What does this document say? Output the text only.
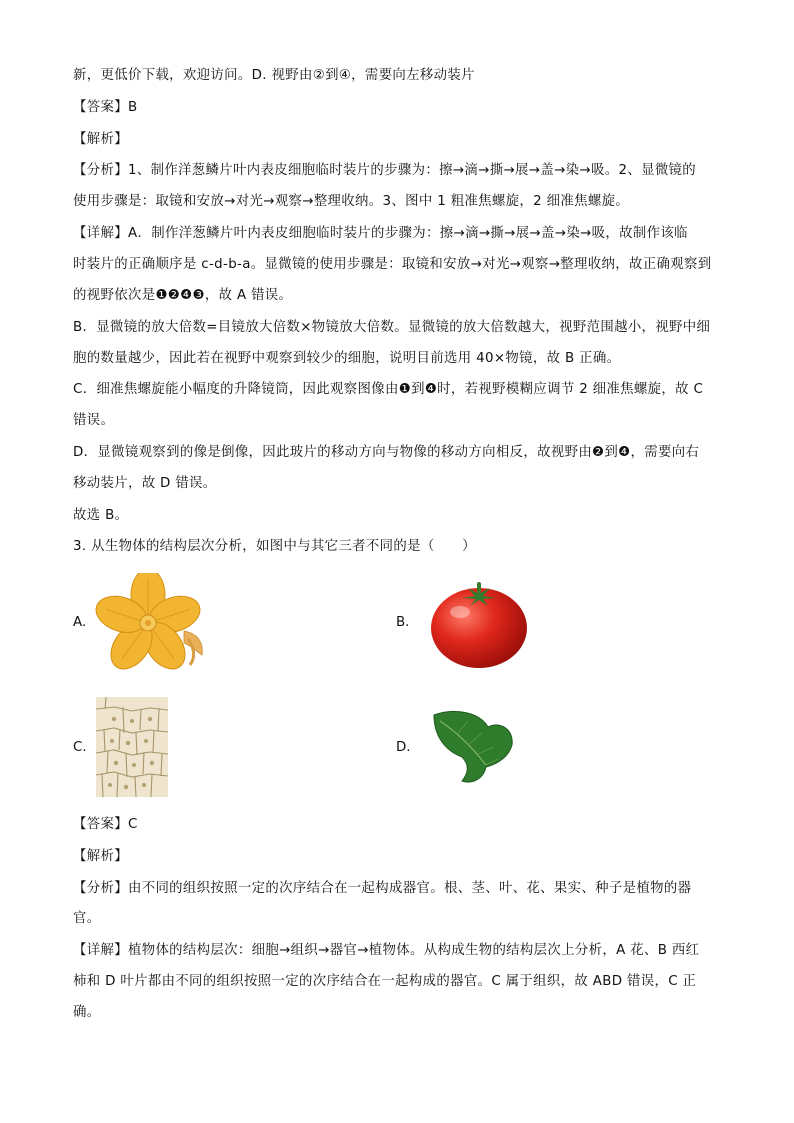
新，更低价下载，欢迎访问。D. 视野由②到④，需要向左移动装片
【答案】B
【解析】
【分析】1、制作洋葱鳞片叶内表皮细胞临时装片的步骤为：擦→滴→撕→展→盖→染→吸。2、显微镜的
使用步骤是：取镜和安放→对光→观察→整理收纳。3、图中 1 粗准焦螺旋，2 细准焦螺旋。
【详解】A．制作洋葱鳞片叶内表皮细胞临时装片的步骤为：擦→滴→撕→展→盖→染→吸，故制作该临
时装片的正确顺序是 c-d-b-a。显微镜的使用步骤是：取镜和安放→对光→观察→整理收纳，故正确观察到
的视野依次是❶❷❹❸，故 A 错误。
B．显微镜的放大倍数=目镜放大倍数×物镜放大倍数。显微镜的放大倍数越大，视野范围越小，视野中细
胞的数量越少，因此若在视野中观察到较少的细胞，说明目前选用 40×物镜，故 B 正确。
C．细准焦螺旋能小幅度的升降镜筒，因此观察图像由❶到❹时，若视野模糊应调节 2 细准焦螺旋，故 C
错误。
D．显微镜观察到的像是倒像，因此玻片的移动方向与物像的移动方向相反，故视野由❷到❹，需要向右
移动装片，故 D 错误。
故选 B。
3. 从生物体的结构层次分析，如图中与其它三者不同的是（　　）
A.	B.
C.	D.
【答案】C
【解析】
【分析】由不同的组织按照一定的次序结合在一起构成器官。根、茎、叶、花、果实、种子是植物的器
官。
【详解】植物体的结构层次：细胞→组织→器官→植物体。从构成生物的结构层次上分析，A 花、B 西红
柿和 D 叶片都由不同的组织按照一定的次序结合在一起构成的器官。C 属于组织，故 ABD 错误，C 正
确。
